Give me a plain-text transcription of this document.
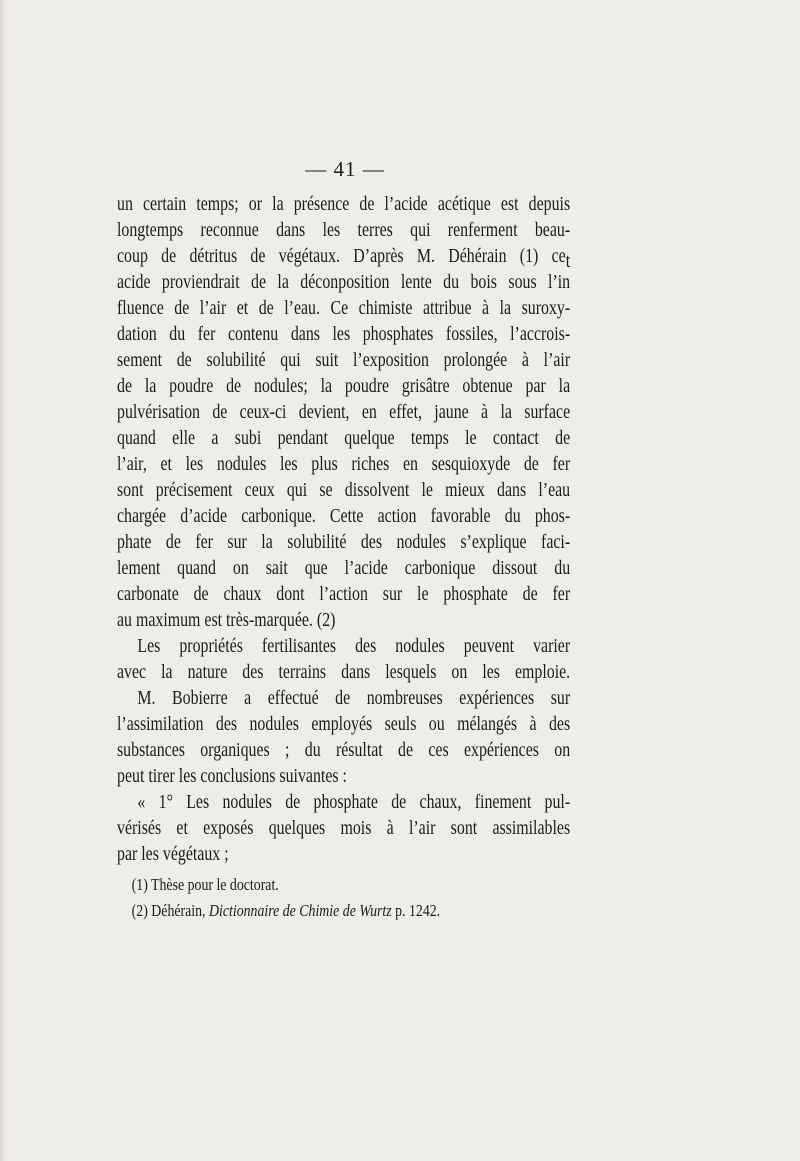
— 41 —
un certain temps; or la présence de l’acide acétique est depuis
longtemps reconnue dans les terres qui renferment beau-
coup de détritus de végétaux. D’après M. Déhérain (1) cet
acide proviendrait de la déconposition lente du bois sous l’in
fluence de l’air et de l’eau. Ce chimiste attribue à la suroxy-
dation du fer contenu dans les phosphates fossiles, l’accrois-
sement de solubilité qui suit l’exposition prolongée à l’air
de la poudre de nodules; la poudre grisâtre obtenue par la
pulvérisation de ceux-ci devient, en effet, jaune à la surface
quand elle a subi pendant quelque temps le contact de
l’air, et les nodules les plus riches en sesquioxyde de fer
sont précisement ceux qui se dissolvent le mieux dans l’eau
chargée d’acide carbonique. Cette action favorable du phos-
phate de fer sur la solubilité des nodules s’explique faci-
lement quand on sait que l’acide carbonique dissout du
carbonate de chaux dont l’action sur le phosphate de fer
au maximum est très-marquée. (2)
Les propriétés fertilisantes des nodules peuvent varier
avec la nature des terrains dans lesquels on les emploie.
M. Bobierre a effectué de nombreuses expériences sur
l’assimilation des nodules employés seuls ou mélangés à des
substances organiques ; du résultat de ces expériences on
peut tirer les conclusions suivantes :
« 1° Les nodules de phosphate de chaux, finement pul-
vérisés et exposés quelques mois à l’air sont assimilables
par les végétaux ;
(1) Thèse pour le doctorat.
(2) Déhérain, Dictionnaire de Chimie de Wurtz p. 1242.
